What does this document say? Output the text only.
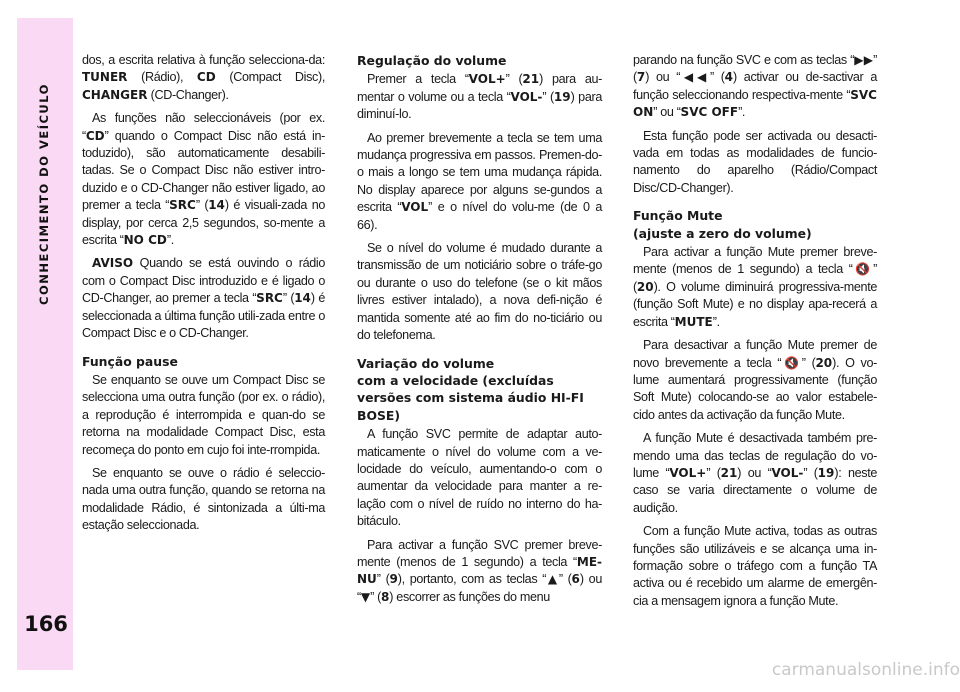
CONHECIMENTO DO VEÍCULO
166

dos, a escrita relativa à função selecciona-da: TUNER (Rádio), CD (Compact Disc), CHANGER (CD-Changer).

As funções não seleccionáveis (por ex. “CD” quando o Compact Disc não está in-toduzido), são automaticamente desabili-tadas. Se o Compact Disc não estiver intro-duzido e o CD-Changer não estiver ligado, ao premer a tecla “SRC” (14) é visuali-zada no display, por cerca 2,5 segundos, so-mente a escrita “NO CD”.

AVISO Quando se está ouvindo o rádio com o Compact Disc introduzido e é ligado o CD-Changer, ao premer a tecla “SRC” (14) é seleccionada a última função utili-zada entre o Compact Disc e o CD-Changer.

Função pause

Se enquanto se ouve um Compact Disc se selecciona uma outra função (por ex. o rádio), a reprodução é interrompida e quan-do se retorna na modalidade Compact Disc, esta recomeça do ponto em cujo foi inte-rrompida.

Se enquanto se ouve o rádio é seleccio-nada uma outra função, quando se retorna na modalidade Rádio, é sintonizada a últi-ma estação seleccionada.

Regulação do volume

Premer a tecla “VOL+” (21) para au-mentar o volume ou a tecla “VOL-” (19) para diminuí-lo.

Ao premer brevemente a tecla se tem uma mudança progressiva em passos. Premen-do-o mais a longo se tem uma mudança rápida. No display aparece por alguns se-gundos a escrita “VOL” e o nível do volu-me (de 0 a 66).

Se o nível do volume é mudado durante a transmissão de um noticiário sobre o tráfe-go ou durante o uso do telefone (se o kit mãos livres estiver intalado), a nova defi-nição é mantida somente até ao fim do no-ticiário ou do telefonema.

Variação do volume
com a velocidade (excluídas
versões com sistema áudio HI-FI
BOSE)

A função SVC permite de adaptar auto-maticamente o nível do volume com a ve-locidade do veículo, aumentando-o com o aumentar da velocidade para manter a re-lação com o nível de ruído no interno do ha-bitáculo.

Para activar a função SVC premer breve-mente (menos de 1 segundo) a tecla “ME-NU” (9), portanto, com as teclas “▲” (6) ou “▼” (8) escorrer as funções do menu

parando na função SVC e com as teclas “▶▶” (7) ou “◀◀” (4) activar ou de-sactivar a função seleccionando respectiva-mente “SVC ON” ou “SVC OFF”.

Esta função pode ser activada ou desacti-vada em todas as modalidades de funcio-namento do aparelho (Rádio/Compact Disc/CD-Changer).

Função Mute
(ajuste a zero do volume)

Para activar a função Mute premer breve-mente (menos de 1 segundo) a tecla “🔇” (20). O volume diminuirá progressiva-mente (função Soft Mute) e no display apa-recerá a escrita “MUTE”.

Para desactivar a função Mute premer de novo brevemente a tecla “🔇” (20). O vo-lume aumentará progressivamente (função Soft Mute) colocando-se ao valor estabele-cido antes da activação da função Mute.

A função Mute é desactivada também pre-mendo uma das teclas de regulação do vo-lume “VOL+” (21) ou “VOL-” (19): neste caso se varia directamente o volume de audição.

Com a função Mute activa, todas as outras funções são utilizáveis e se alcança uma in-formação sobre o tráfego com a função TA activa ou é recebido um alarme de emergên-cia a mensagem ignora a função Mute.

carmanualsonline.info
